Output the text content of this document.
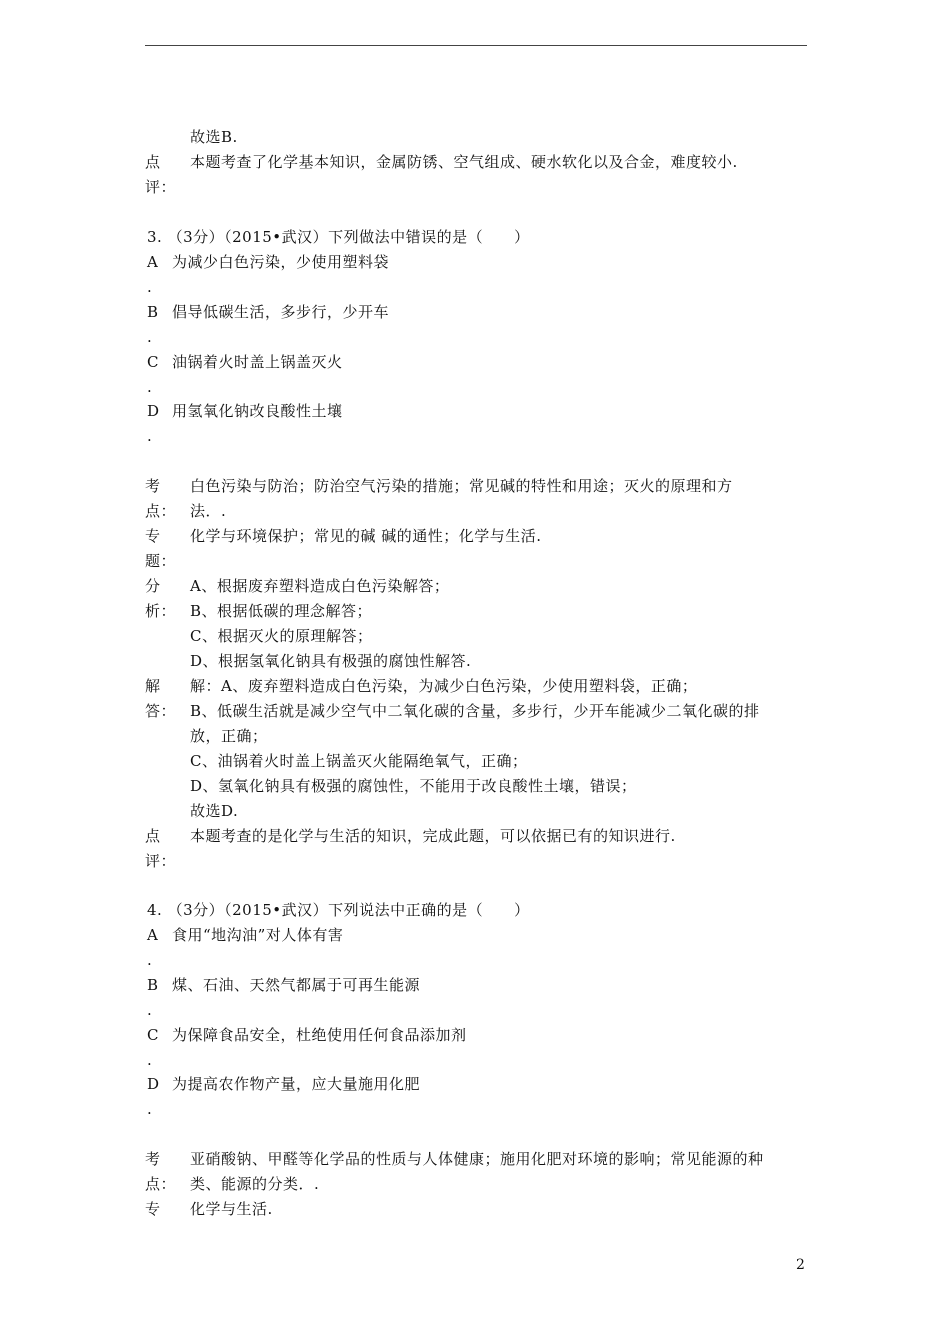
故选B.
点 本题考查了化学基本知识，金属防锈、空气组成、硬水软化以及合金，难度较小.
评：
3. （3分）（2015•武汉）下列做法中错误的是（　　）
A 为减少白色污染，少使用塑料袋
.
B 倡导低碳生活，多步行，少开车
.
C 油锅着火时盖上锅盖灭火
.
D 用氢氧化钠改良酸性土壤
.
考 白色污染与防治；防治空气污染的措施；常见碱的特性和用途；灭火的原理和方
点： 法．.
专 化学与环境保护；常见的碱 碱的通性；化学与生活.
题：
分 A、根据废弃塑料造成白色污染解答；
析： B、根据低碳的理念解答；
C、根据灭火的原理解答；
D、根据氢氧化钠具有极强的腐蚀性解答.
解 解：A、废弃塑料造成白色污染，为减少白色污染，少使用塑料袋，正确；
答： B、低碳生活就是减少空气中二氧化碳的含量，多步行，少开车能减少二氧化碳的排
放，正确；
C、油锅着火时盖上锅盖灭火能隔绝氧气，正确；
D、氢氧化钠具有极强的腐蚀性，不能用于改良酸性土壤，错误；
故选D.
点 本题考查的是化学与生活的知识，完成此题，可以依据已有的知识进行.
评：
4. （3分）（2015•武汉）下列说法中正确的是（　　）
A 食用“地沟油”对人体有害
.
B 煤、石油、天然气都属于可再生能源
.
C 为保障食品安全，杜绝使用任何食品添加剂
.
D 为提高农作物产量，应大量施用化肥
.
考 亚硝酸钠、甲醛等化学品的性质与人体健康；施用化肥对环境的影响；常见能源的种
点： 类、能源的分类．.
专 化学与生活.
2
